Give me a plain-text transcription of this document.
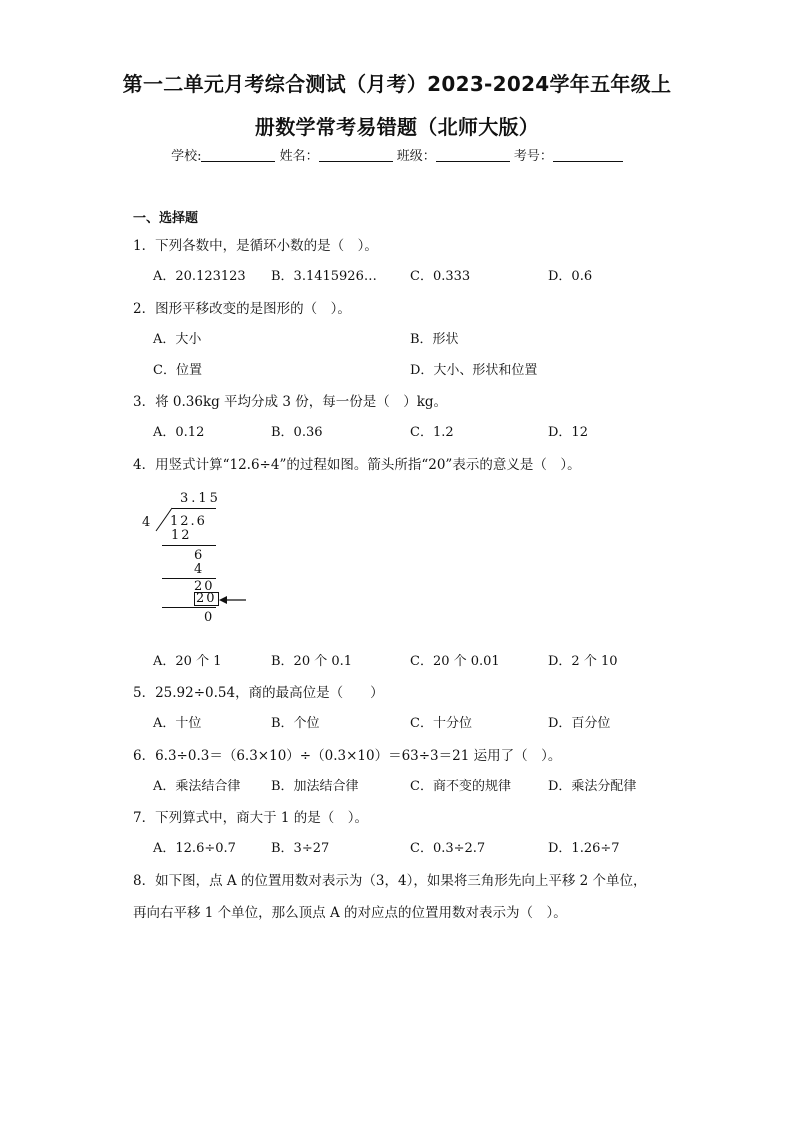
第一二单元月考综合测试（月考）2023-2024学年五年级上
册数学常考易错题（北师大版）
学校:	姓名：	班级：	考号：
一、选择题
1．下列各数中，是循环小数的是（　）。
A．20.123123 B．3.1415926…	C．0.333	D．0.6̇
2．图形平移改变的是图形的（　）。
A．大小	B．形状
C．位置	D．大小、形状和位置
3．将 0.36kg 平均分成 3 份，每一份是（　）kg。
A．0.12	B．0.36	C．1.2	D．12
4．用竖式计算“12.6÷4”的过程如图。箭头所指“20”表示的意义是（　）。
3.15
4 12.6
12
6
4
20
20
0
A．20 个 1	B．20 个 0.1	C．20 个 0.01	D．2 个 10
5．25.92÷0.54，商的最高位是（　　）
A．十位	B．个位	C．十分位	D．百分位
6．6.3÷0.3＝（6.3×10）÷（0.3×10）＝63÷3＝21 运用了（　）。
A．乘法结合律 B．加法结合律	C．商不变的规律	D．乘法分配律
7．下列算式中，商大于 1 的是（　）。
A．12.6÷0.7	B．3÷27	C．0.3÷2.7	D．1.26÷7
8．如下图，点 A 的位置用数对表示为（3，4），如果将三角形先向上平移 2 个单位，
再向右平移 1 个单位，那么顶点 A 的对应点的位置用数对表示为（　）。
